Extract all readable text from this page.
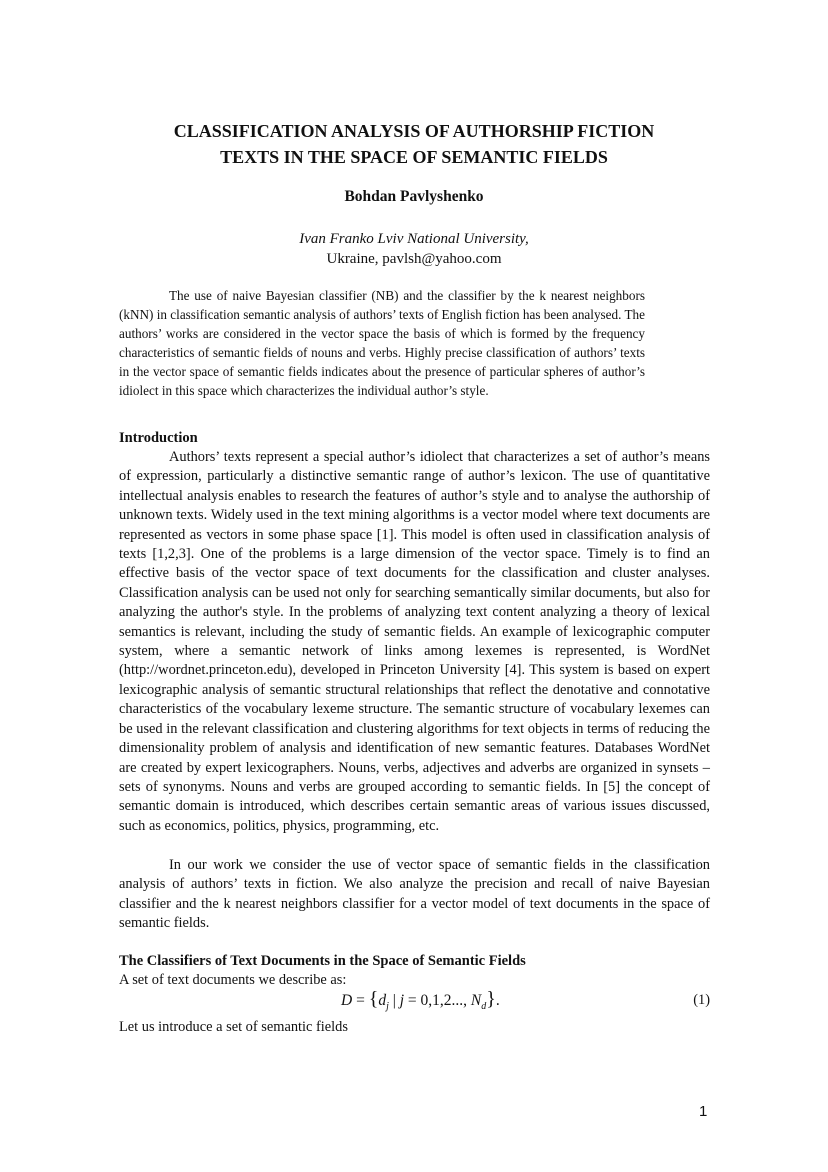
CLASSIFICATION ANALYSIS OF AUTHORSHIP FICTION
TEXTS IN THE SPACE OF SEMANTIC FIELDS

Bohdan Pavlyshenko

Ivan Franko Lviv National University,
Ukraine, pavlsh@yahoo.com

The use of naive Bayesian classifier (NB) and the classifier by the k nearest neighbors (kNN) in classification semantic analysis of authors’ texts of English fiction has been analysed. The authors’ works are considered in the vector space the basis of which is formed by the frequency characteristics of semantic fields of nouns and verbs. Highly precise classification of authors’ texts in the vector space of semantic fields indicates about the presence of particular spheres of author’s idiolect in this space which characterizes the individual author’s style.

Introduction

Authors’ texts represent a special author’s idiolect that characterizes a set of author’s means of expression, particularly a distinctive semantic range of author’s lexicon. The use of quantitative intellectual analysis enables to research the features of author’s style and to analyse the authorship of unknown texts. Widely used in the text mining algorithms is a vector model where text documents are represented as vectors in some phase space [1]. This model is often used in classification analysis of texts [1,2,3]. One of the problems is a large dimension of the vector space. Timely is to find an effective basis of the vector space of text documents for the classification and cluster analyses. Classification analysis can be used not only for searching semantically similar documents, but also for analyzing the author's style. In the problems of analyzing text content analyzing a theory of lexical semantics is relevant, including the study of semantic fields. An example of lexicographic computer system, where a semantic network of links among lexemes is represented, is WordNet (http://wordnet.princeton.edu), developed in Princeton University [4]. This system is based on expert lexicographic analysis of semantic structural relationships that reflect the denotative and connotative characteristics of the vocabulary lexeme structure. The semantic structure of vocabulary lexemes can be used in the relevant classification and clustering algorithms for text objects in terms of reducing the dimensionality problem of analysis and identification of new semantic features. Databases WordNet are created by expert lexicographers. Nouns, verbs, adjectives and adverbs are organized in synsets – sets of synonyms. Nouns and verbs are grouped according to semantic fields. In [5] the concept of semantic domain is introduced, which describes certain semantic areas of various issues discussed, such as economics, politics, physics, programming, etc.

In our work we consider the use of vector space of semantic fields in the classification analysis of authors’ texts in fiction. We also analyze the precision and recall of naive Bayesian classifier and the k nearest neighbors classifier for a vector model of text documents in the space of semantic fields.

The Classifiers of Text Documents in the Space of Semantic Fields

A set of text documents we describe as:

$D = \{d_j$ | j = 0,1,2..., $N_d$}.	(1)

Let us introduce a set of semantic fields

1
